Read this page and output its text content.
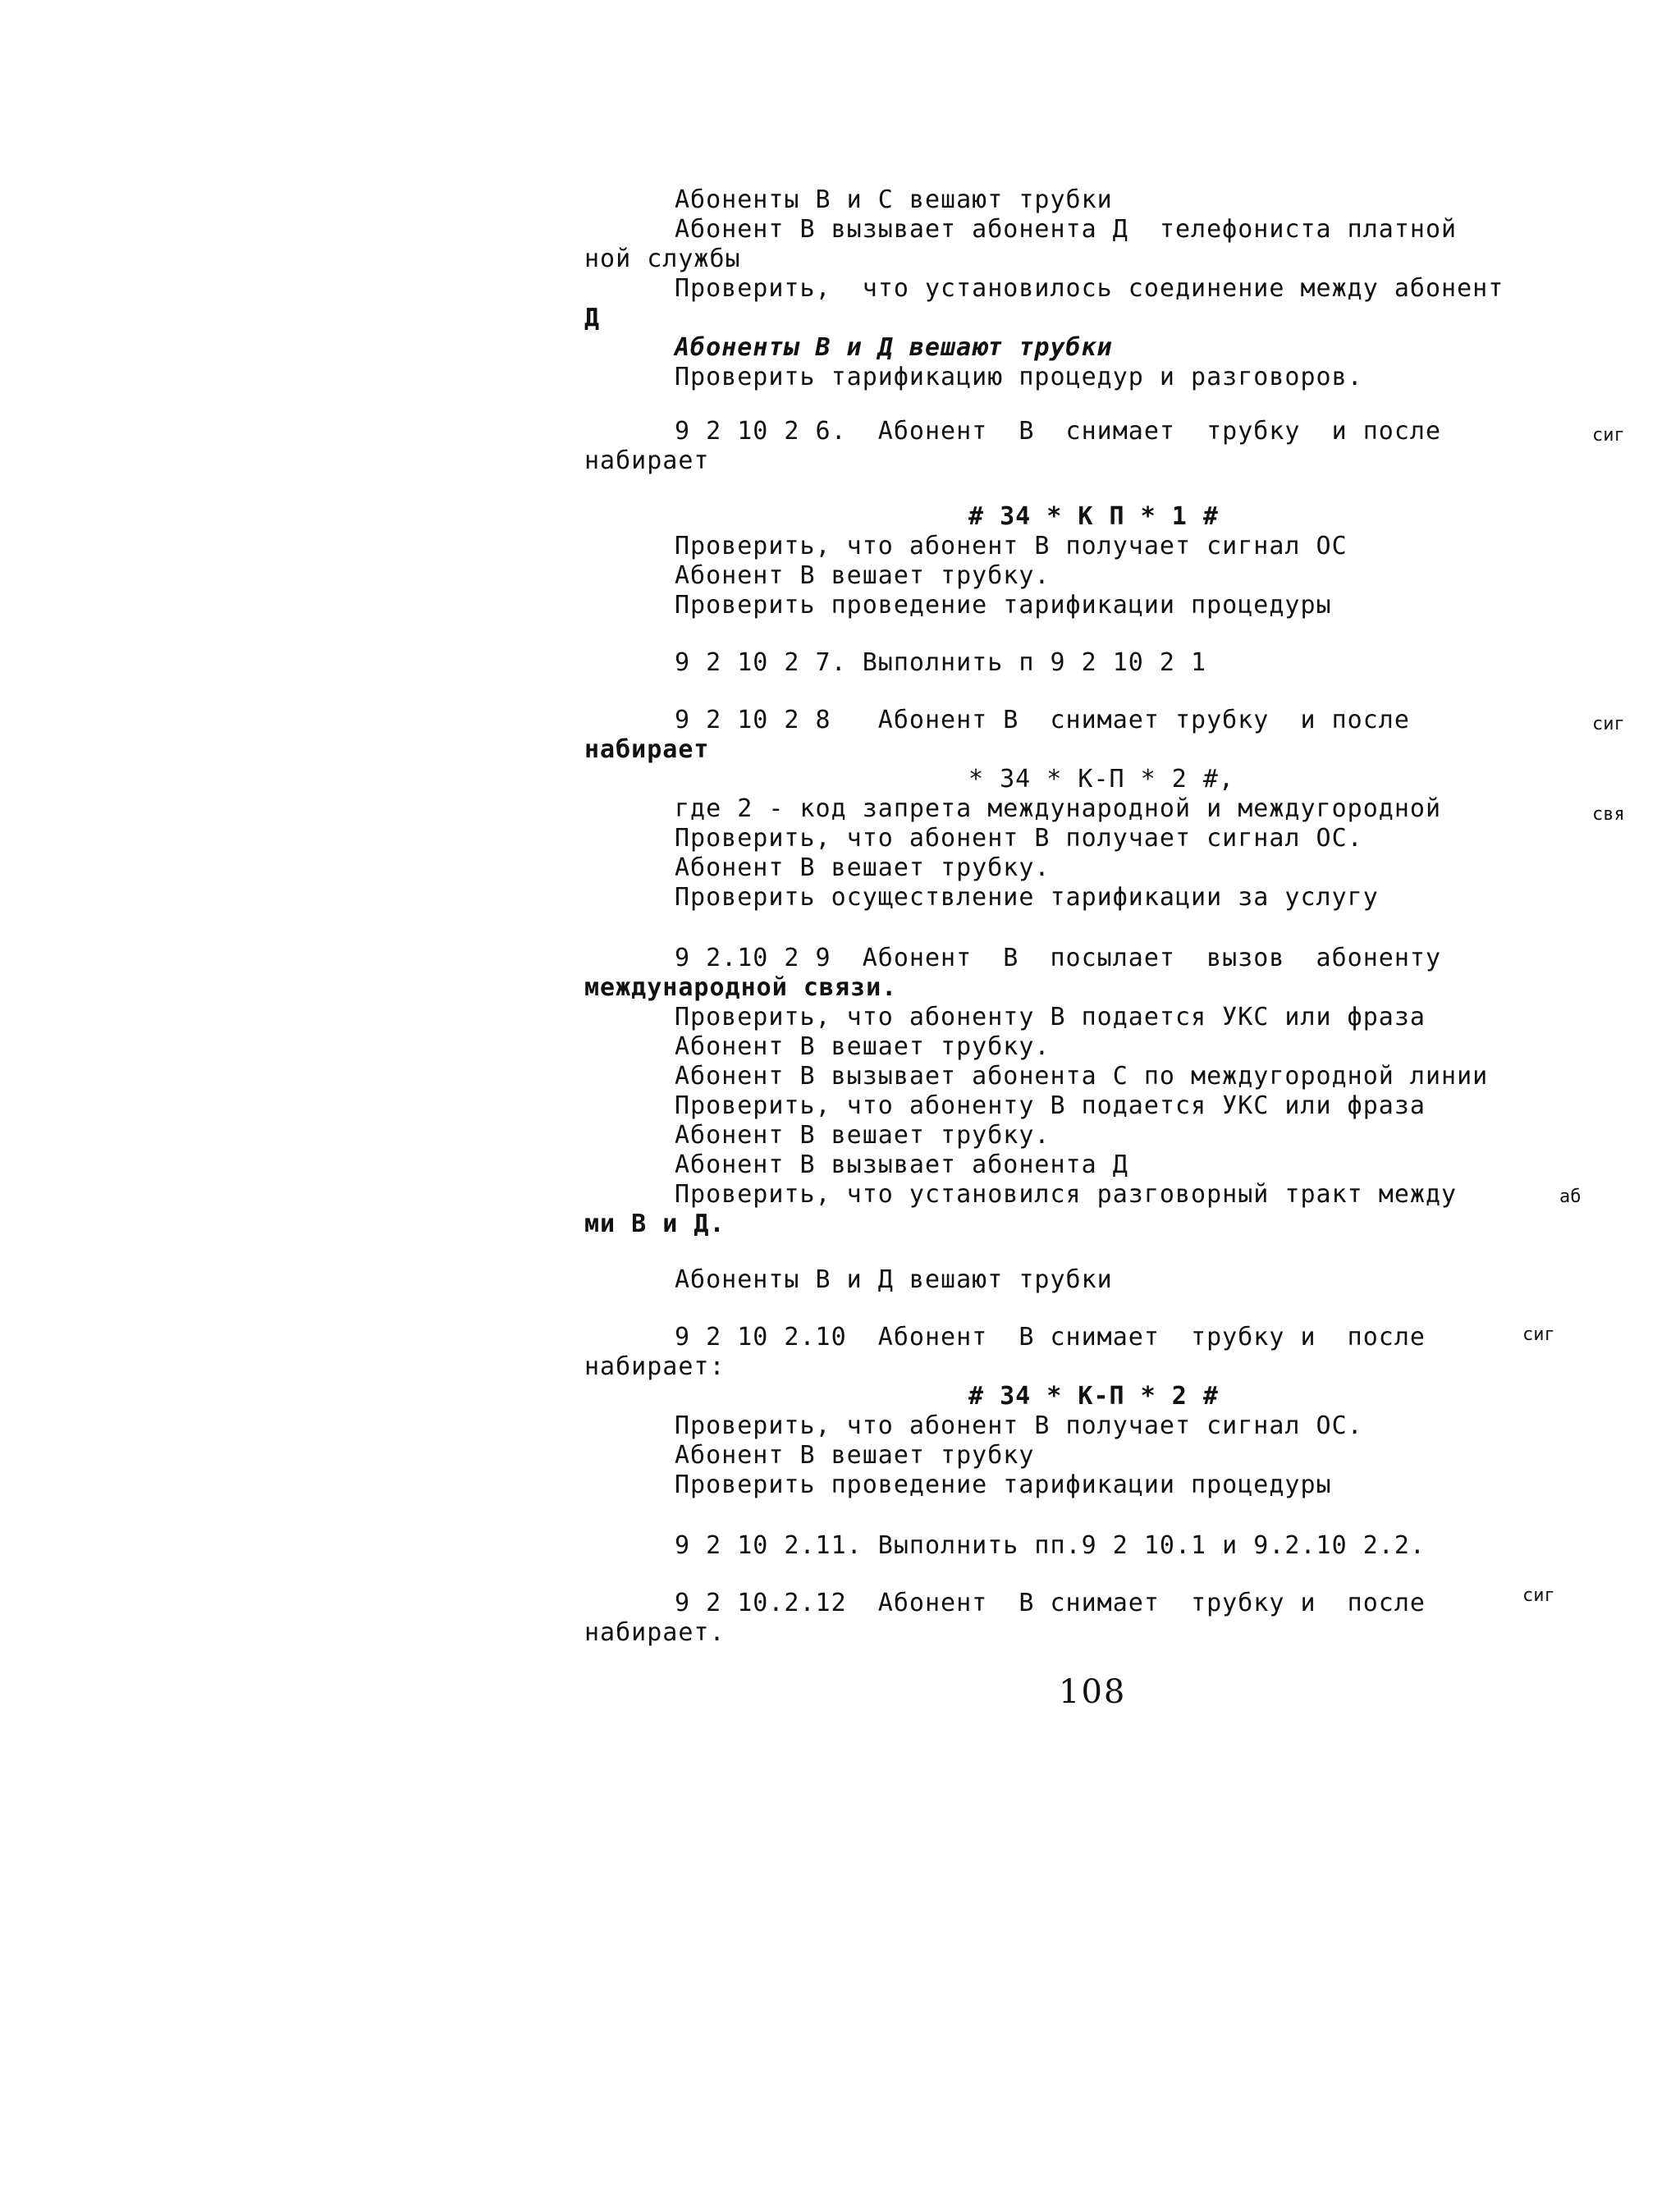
Абоненты В и С вешают трубки
Абонент В вызывает абонента Д  телефониста платной
ной службы
Проверить,  что установилось соединение между абонент
Д
Абоненты В и Д вешают трубки
Проверить тарификацию процедур и разговоров.
9 2 10 2 6.  Абонент  В  снимает  трубку  и после	сиг
набирает
# 34 * К П * 1 #
Проверить, что абонент В получает сигнал ОС
Абонент В вешает трубку.
Проверить проведение тарификации процедуры
9 2 10 2 7. Выполнить п 9 2 10 2 1
9 2 10 2 8   Абонент В  снимает трубку  и после	сиг
набирает
* 34 * К-П * 2 #,
где 2 - код запрета международной и междугородной	свя
Проверить, что абонент В получает сигнал ОС.
Абонент В вешает трубку.
Проверить осуществление тарификации за услугу
9 2.10 2 9  Абонент  В  посылает  вызов  абоненту
международной связи.
Проверить, что абоненту В подается УКС или фраза
Абонент В вешает трубку.
Абонент В вызывает абонента С по междугородной линии
Проверить, что абоненту В подается УКС или фраза
Абонент В вешает трубку.
Абонент В вызывает абонента Д
Проверить, что установился разговорный тракт между	аб
ми В и Д.
Абоненты В и Д вешают трубки
9 2 10 2.10  Абонент  В снимает  трубку и  после	сиг
набирает:
# 34 * К-П * 2 #
Проверить, что абонент В получает сигнал ОС.
Абонент В вешает трубку
Проверить проведение тарификации процедуры
9 2 10 2.11. Выполнить пп.9 2 10.1 и 9.2.10 2.2.
9 2 10.2.12  Абонент  В снимает  трубку и  после	сиг
набирает.
108
